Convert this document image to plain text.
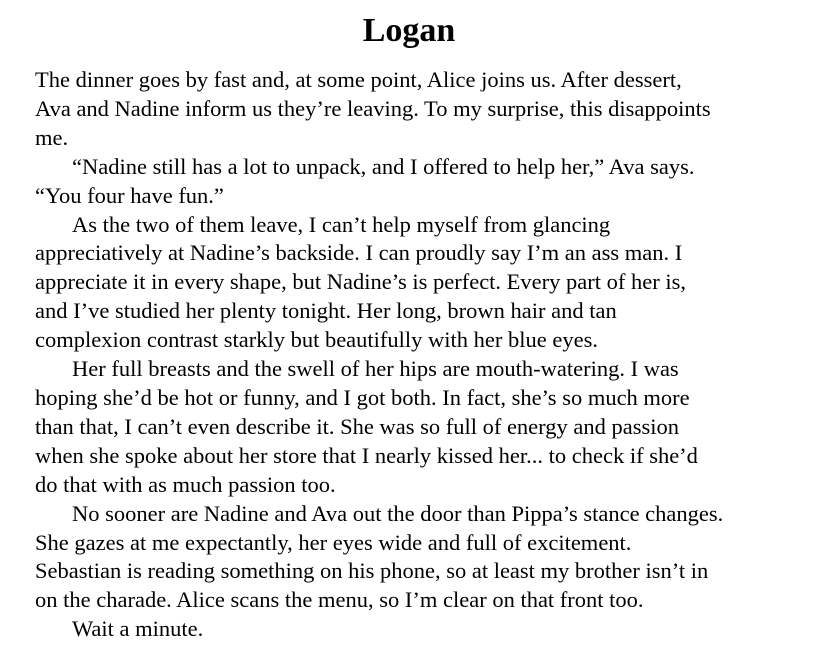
Logan
The dinner goes by fast and, at some point, Alice joins us. After dessert,
Ava and Nadine inform us they’re leaving. To my surprise, this disappoints
me.
“Nadine still has a lot to unpack, and I offered to help her,” Ava says.
“You four have fun.”
As the two of them leave, I can’t help myself from glancing
appreciatively at Nadine’s backside. I can proudly say I’m an ass man. I
appreciate it in every shape, but Nadine’s is perfect. Every part of her is,
and I’ve studied her plenty tonight. Her long, brown hair and tan
complexion contrast starkly but beautifully with her blue eyes.
Her full breasts and the swell of her hips are mouth-watering. I was
hoping she’d be hot or funny, and I got both. In fact, she’s so much more
than that, I can’t even describe it. She was so full of energy and passion
when she spoke about her store that I nearly kissed her... to check if she’d
do that with as much passion too.
No sooner are Nadine and Ava out the door than Pippa’s stance changes.
She gazes at me expectantly, her eyes wide and full of excitement.
Sebastian is reading something on his phone, so at least my brother isn’t in
on the charade. Alice scans the menu, so I’m clear on that front too.
Wait a minute.
